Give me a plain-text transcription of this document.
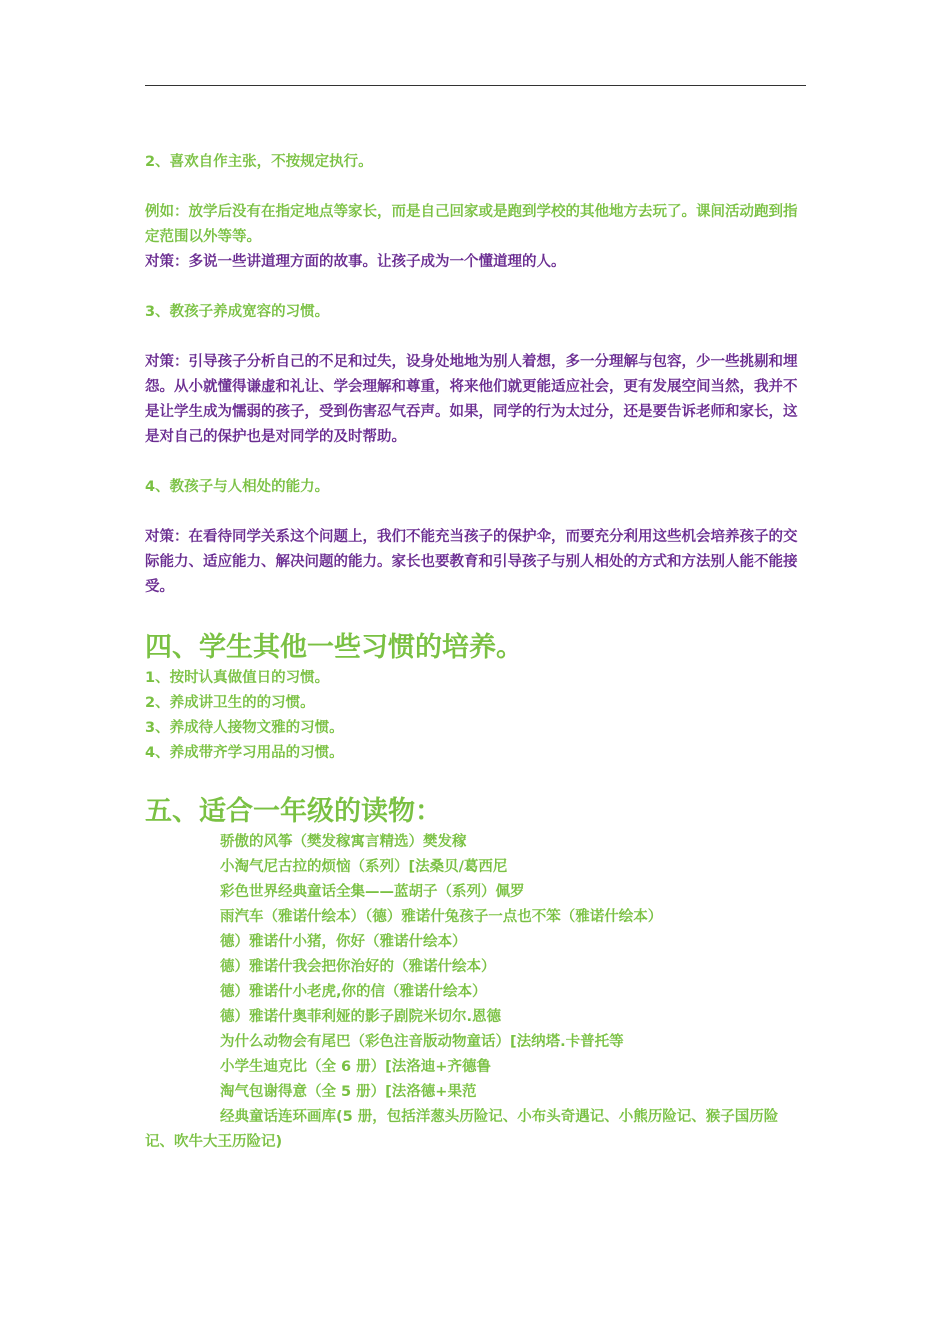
2、喜欢自作主张，不按规定执行。

例如：放学后没有在指定地点等家长，而是自己回家或是跑到学校的其他地方去玩了。课间活动跑到指定范围以外等等。

对策：多说一些讲道理方面的故事。让孩子成为一个懂道理的人。

3、教孩子养成宽容的习惯。

对策：引导孩子分析自己的不足和过失，设身处地地为别人着想，多一分理解与包容，少一些挑剔和埋怨。从小就懂得谦虚和礼让、学会理解和尊重，将来他们就更能适应社会，更有发展空间当然，我并不是让学生成为懦弱的孩子，受到伤害忍气吞声。如果，同学的行为太过分，还是要告诉老师和家长，这是对自己的保护也是对同学的及时帮助。

4、教孩子与人相处的能力。

对策：在看待同学关系这个问题上，我们不能充当孩子的保护伞，而要充分利用这些机会培养孩子的交际能力、适应能力、解决问题的能力。家长也要教育和引导孩子与别人相处的方式和方法别人能不能接受。

四、学生其他一些习惯的培养。

1、按时认真做值日的习惯。

2、养成讲卫生的的习惯。

3、养成待人接物文雅的习惯。

4、养成带齐学习用品的习惯。

五、适合一年级的读物：

骄傲的风筝（樊发稼寓言精选）樊发稼

小淘气尼古拉的烦恼（系列）[法桑贝/葛西尼

彩色世界经典童话全集——蓝胡子（系列）佩罗

雨汽车（雅诺什绘本）（德）雅诺什兔孩子一点也不笨（雅诺什绘本）

德）雅诺什小猪，你好（雅诺什绘本）

德）雅诺什我会把你治好的（雅诺什绘本）

德）雅诺什小老虎,你的信（雅诺什绘本）

德）雅诺什奥菲利娅的影子剧院米切尔.恩德

为什么动物会有尾巴（彩色注音版动物童话）[法纳塔.卡普托等

小学生迪克比（全 6 册）[法洛迪+齐德鲁

淘气包谢得意（全 5 册）[法洛德+果范

经典童话连环画库(5 册，包括洋葱头历险记、小布头奇遇记、小熊历险记、猴子国历险记、吹牛大王历险记)
